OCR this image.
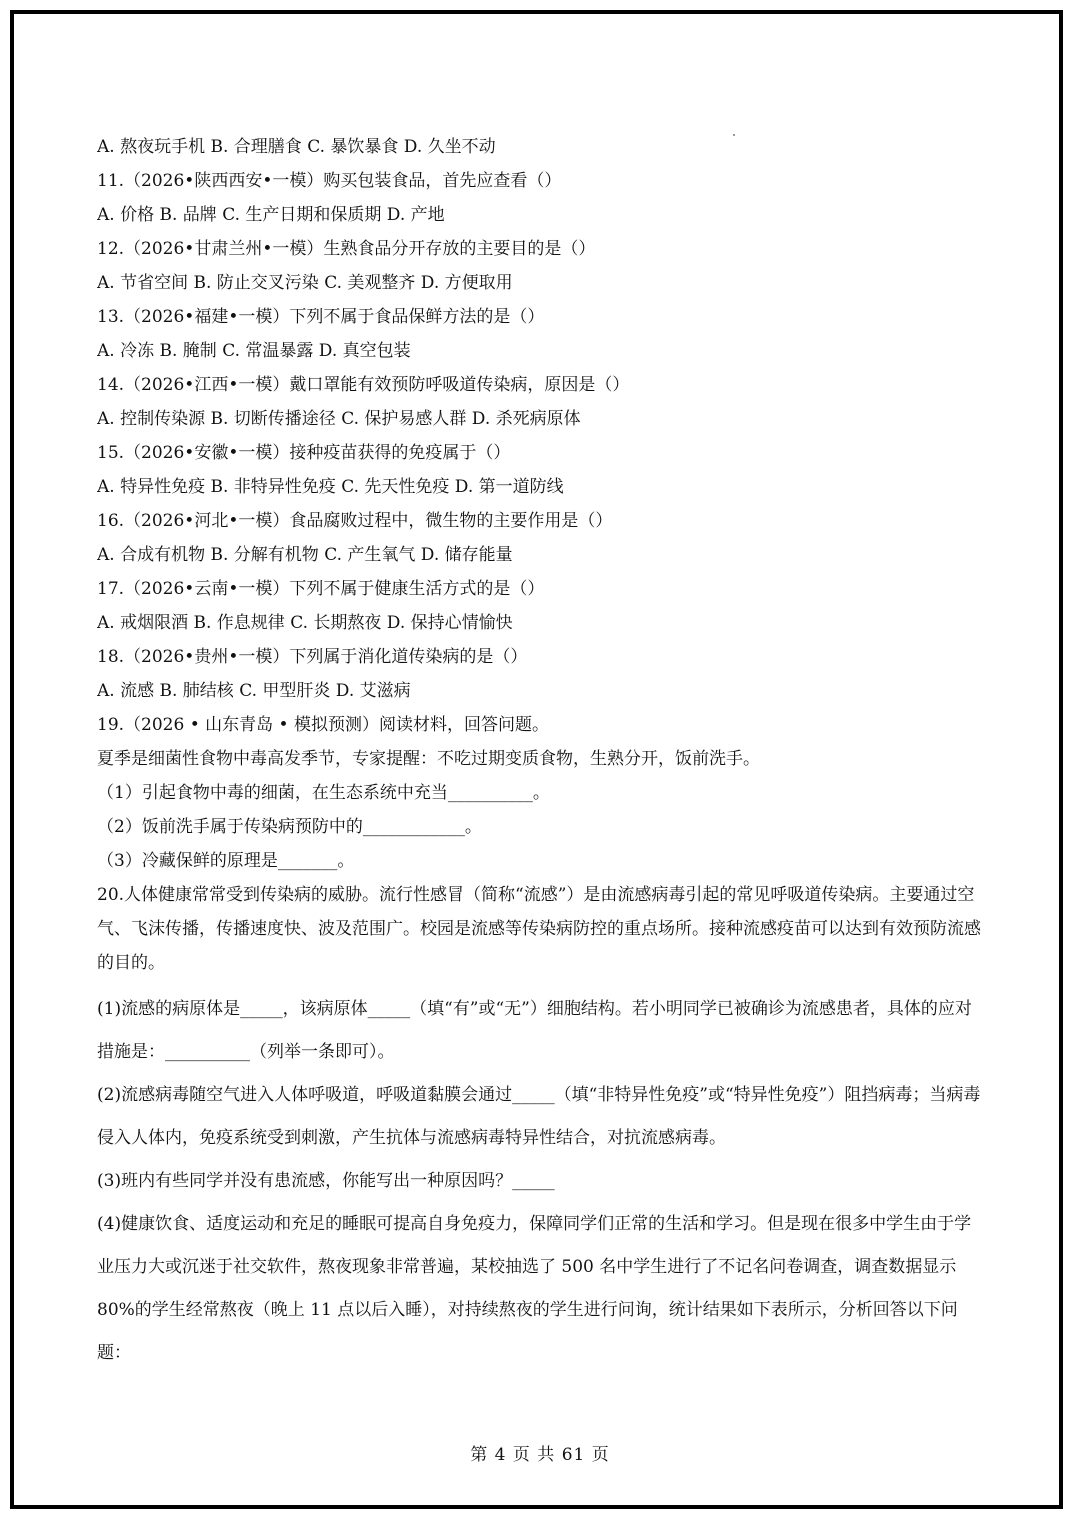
A. 熬夜玩手机 B. 合理膳食 C. 暴饮暴食 D. 久坐不动
11.（2026•陕西西安•一模）购买包装食品，首先应查看（）
A. 价格 B. 品牌 C. 生产日期和保质期 D. 产地
12.（2026•甘肃兰州•一模）生熟食品分开存放的主要目的是（）
A. 节省空间 B. 防止交叉污染 C. 美观整齐 D. 方便取用
13.（2026•福建•一模）下列不属于食品保鲜方法的是（）
A. 冷冻 B. 腌制 C. 常温暴露 D. 真空包装
14.（2026•江西•一模）戴口罩能有效预防呼吸道传染病，原因是（）
A. 控制传染源 B. 切断传播途径 C. 保护易感人群 D. 杀死病原体
15.（2026•安徽•一模）接种疫苗获得的免疫属于（）
A. 特异性免疫 B. 非特异性免疫 C. 先天性免疫 D. 第一道防线
16.（2026•河北•一模）食品腐败过程中，微生物的主要作用是（）
A. 合成有机物 B. 分解有机物 C. 产生氧气 D. 储存能量
17.（2026•云南•一模）下列不属于健康生活方式的是（）
A. 戒烟限酒 B. 作息规律 C. 长期熬夜 D. 保持心情愉快
18.（2026•贵州•一模）下列属于消化道传染病的是（）
A. 流感 B. 肺结核 C. 甲型肝炎 D. 艾滋病
19.（2026 • 山东青岛 • 模拟预测）阅读材料，回答问题。
夏季是细菌性食物中毒高发季节，专家提醒：不吃过期变质食物，生熟分开，饭前洗手。
（1）引起食物中毒的细菌，在生态系统中充当__________。
（2）饭前洗手属于传染病预防中的____________。
（3）冷藏保鲜的原理是_______。
20.人体健康常常受到传染病的威胁。流行性感冒（简称“流感”）是由流感病毒引起的常见呼吸道传染病。主要通过空气、飞沫传播，传播速度快、波及范围广。校园是流感等传染病防控的重点场所。接种流感疫苗可以达到有效预防流感的目的。
(1)流感的病原体是_____，该病原体_____（填“有”或“无”）细胞结构。若小明同学已被确诊为流感患者，具体的应对措施是：__________（列举一条即可）。
(2)流感病毒随空气进入人体呼吸道，呼吸道黏膜会通过_____（填“非特异性免疫”或“特异性免疫”）阻挡病毒；当病毒侵入人体内，免疫系统受到刺激，产生抗体与流感病毒特异性结合，对抗流感病毒。
(3)班内有些同学并没有患流感，你能写出一种原因吗？_____
(4)健康饮食、适度运动和充足的睡眠可提高自身免疫力，保障同学们正常的生活和学习。但是现在很多中学生由于学业压力大或沉迷于社交软件，熬夜现象非常普遍，某校抽选了 500 名中学生进行了不记名问卷调查，调查数据显示 80%的学生经常熬夜（晚上 11 点以后入睡），对持续熬夜的学生进行问询，统计结果如下表所示，分析回答以下问题：
第 4 页 共 61 页
